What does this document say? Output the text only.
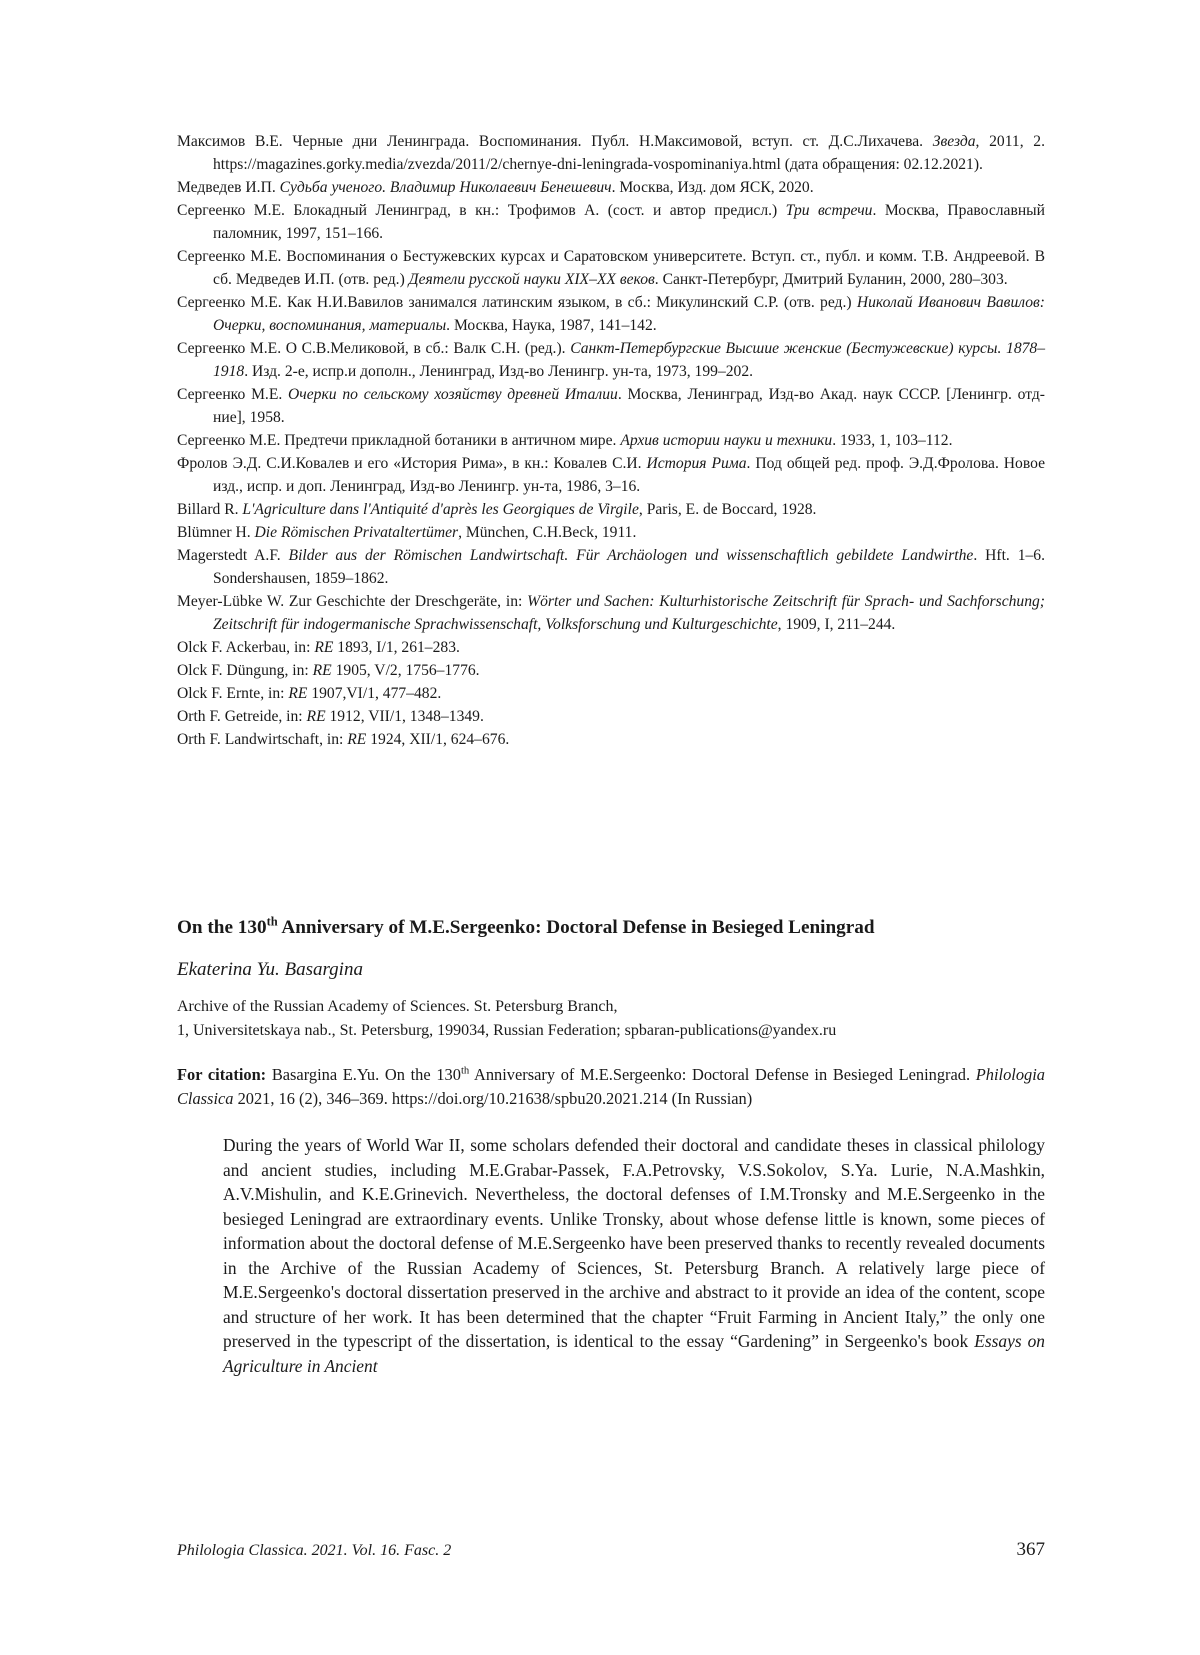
Максимов В.Е. Черные дни Ленинграда. Воспоминания. Публ. Н.Максимовой, вступ. ст. Д.С.Лихачева. Звезда, 2011, 2. https://magazines.gorky.media/zvezda/2011/2/chernye-dni-leningrada-vospominaniya.html (дата обращения: 02.12.2021).
Медведев И.П. Судьба ученого. Владимир Николаевич Бенешевич. Москва, Изд. дом ЯСК, 2020.
Сергеенко М.Е. Блокадный Ленинград, в кн.: Трофимов А. (сост. и автор предисл.) Три встречи. Москва, Православный паломник, 1997, 151–166.
Сергеенко М.Е. Воспоминания о Бестужевских курсах и Саратовском университете. Вступ. ст., публ. и комм. Т.В. Андреевой. В сб. Медведев И.П. (отв. ред.) Деятели русской науки XIX–XX веков. Санкт-Петербург, Дмитрий Буланин, 2000, 280–303.
Сергеенко М.Е. Как Н.И.Вавилов занимался латинским языком, в сб.: Микулинский С.Р. (отв. ред.) Николай Иванович Вавилов: Очерки, воспоминания, материалы. Москва, Наука, 1987, 141–142.
Сергеенко М.Е. О С.В.Меликовой, в сб.: Валк С.Н. (ред.). Санкт-Петербургские Высшие женские (Бестужевские) курсы. 1878–1918. Изд. 2-е, испр.и дополн., Ленинград, Изд-во Ленингр. ун-та, 1973, 199–202.
Сергеенко М.Е. Очерки по сельскому хозяйству древней Италии. Москва, Ленинград, Изд-во Акад. наук СССР. [Ленингр. отд-ние], 1958.
Сергеенко М.Е. Предтечи прикладной ботаники в античном мире. Архив истории науки и техники. 1933, 1, 103–112.
Фролов Э.Д. С.И.Ковалев и его «История Рима», в кн.: Ковалев С.И. История Рима. Под общей ред. проф. Э.Д.Фролова. Новое изд., испр. и доп. Ленинград, Изд-во Ленингр. ун-та, 1986, 3–16.
Billard R. L'Agriculture dans l'Antiquité d'après les Georgiques de Virgile, Paris, E. de Boccard, 1928.
Blümner H. Die Römischen Privataltertümer, München, C.H.Beck, 1911.
Magerstedt A.F. Bilder aus der Römischen Landwirtschaft. Für Archäologen und wissenschaftlich gebildete Landwirthe. Hft. 1–6. Sondershausen, 1859–1862.
Meyer-Lübke W. Zur Geschichte der Dreschgeräte, in: Wörter und Sachen: Kulturhistorische Zeitschrift für Sprach- und Sachforschung; Zeitschrift für indogermanische Sprachwissenschaft, Volksforschung und Kulturgeschichte, 1909, I, 211–244.
Olck F. Ackerbau, in: RE 1893, I/1, 261–283.
Olck F. Düngung, in: RE 1905, V/2, 1756–1776.
Olck F. Ernte, in: RE 1907,VI/1, 477–482.
Orth F. Getreide, in: RE 1912, VII/1, 1348–1349.
Orth F. Landwirtschaft, in: RE 1924, XII/1, 624–676.
On the 130th Anniversary of M.E.Sergeenko: Doctoral Defense in Besieged Leningrad
Ekaterina Yu. Basargina
Archive of the Russian Academy of Sciences. St. Petersburg Branch,
1, Universitetskaya nab., St. Petersburg, 199034, Russian Federation; spbaran-publications@yandex.ru
For citation: Basargina E.Yu. On the 130th Anniversary of M.E.Sergeenko: Doctoral Defense in Besieged Leningrad. Philologia Classica 2021, 16 (2), 346–369. https://doi.org/10.21638/spbu20.2021.214 (In Russian)
During the years of World War II, some scholars defended their doctoral and candidate theses in classical philology and ancient studies, including M.E.Grabar-Passek, F.A.Petrovsky, V.S.Sokolov, S.Ya. Lurie, N.A.Mashkin, A.V.Mishulin, and K.E.Grinevich. Nevertheless, the doctoral defenses of I.M.Tronsky and M.E.Sergeenko in the besieged Leningrad are extraordinary events. Unlike Tronsky, about whose defense little is known, some pieces of information about the doctoral defense of M.E.Sergeenko have been preserved thanks to recently revealed documents in the Archive of the Russian Academy of Sciences, St. Petersburg Branch. A relatively large piece of M.E.Sergeenko's doctoral dissertation preserved in the archive and abstract to it provide an idea of the content, scope and structure of her work. It has been determined that the chapter “Fruit Farming in Ancient Italy,” the only one preserved in the typescript of the dissertation, is identical to the essay “Gardening” in Sergeenko's book Essays on Agriculture in Ancient
Philologia Classica. 2021. Vol. 16. Fasc. 2	367
